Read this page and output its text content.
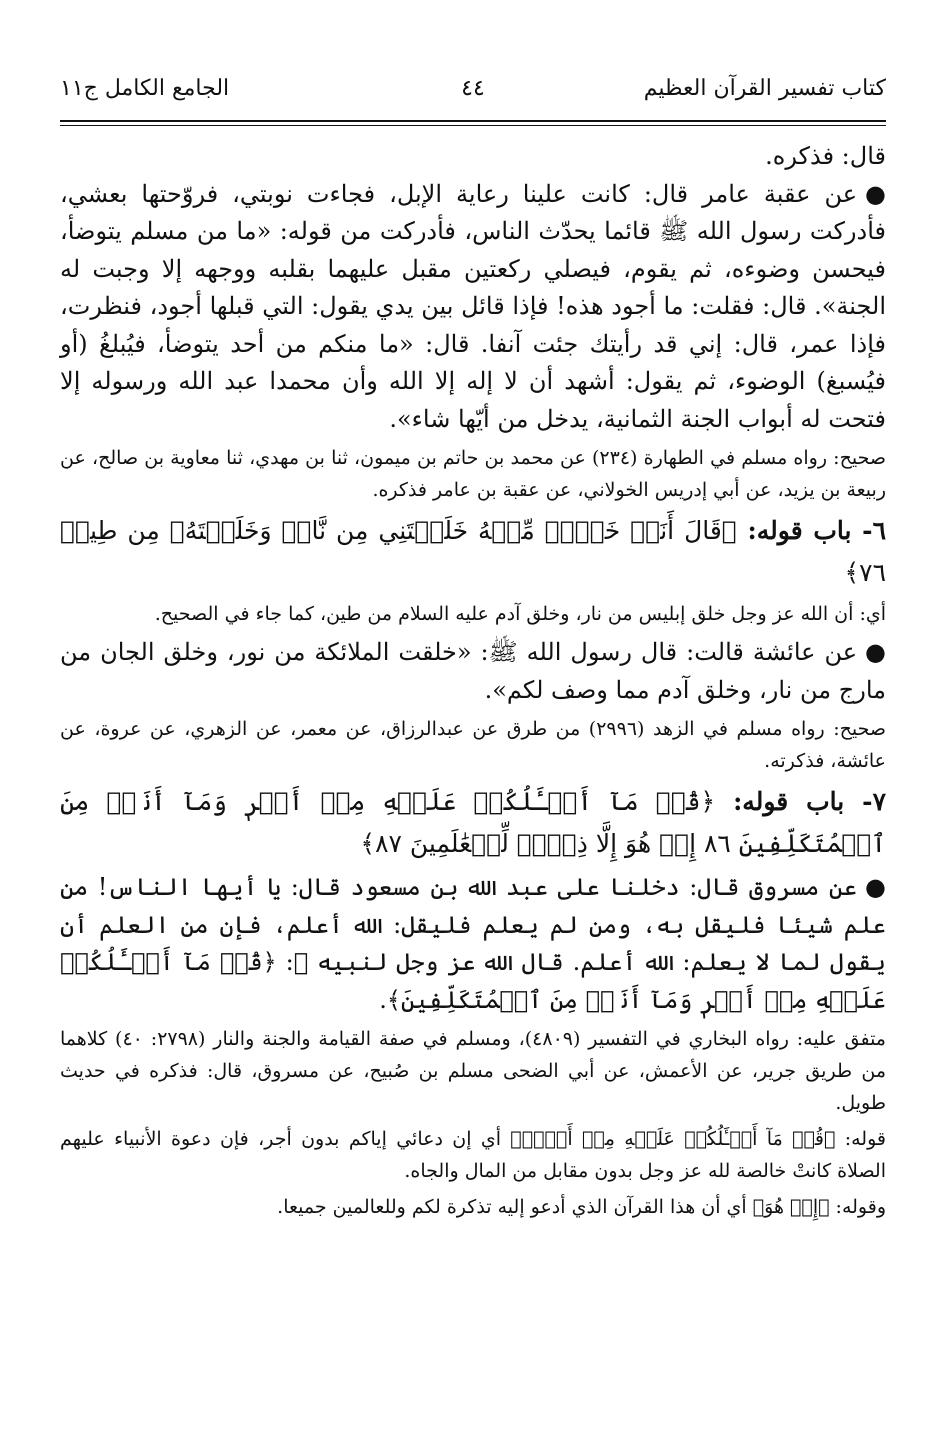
كتاب تفسير القرآن العظيم
٤٤
الجامع الكامل ج١١

قال: فذكره.

●عن عقبة عامر قال: كانت علينا رعاية الإبل، فجاءت نوبتي، فروّحتها بعشي، فأدركت رسول الله ﷺ قائما يحدّث الناس، فأدركت من قوله: «ما من مسلم يتوضأ، فيحسن وضوءه، ثم يقوم، فيصلي ركعتين مقبل عليهما بقلبه ووجهه إلا وجبت له الجنة». قال: فقلت: ما أجود هذه! فإذا قائل بين يدي يقول: التي قبلها أجود، فنظرت، فإذا عمر، قال: إني قد رأيتك جئت آنفا. قال: «ما منكم من أحد يتوضأ، فيُبلغُ (أو فيُسبغ) الوضوء، ثم يقول: أشهد أن لا إله إلا الله وأن محمدا عبد الله ورسوله إلا فتحت له أبواب الجنة الثمانية، يدخل من أيّها شاء».

صحيح: رواه مسلم في الطهارة (٢٣٤) عن محمد بن حاتم بن ميمون، ثنا بن مهدي، ثنا معاوية بن صالح، عن ربيعة بن يزيد، عن أبي إدريس الخولاني، عن عقبة بن عامر فذكره.

٦- باب قوله: ﴿قَالَ أَنَا۠ خَيۡرٞ مِّنۡهُ خَلَقۡتَنِي مِن نَّارٖ وَخَلَقۡتَهُۥ مِن طِينٖ ٧٦﴾

أي: أن الله عز وجل خلق إبليس من نار، وخلق آدم عليه السلام من طين، كما جاء في الصحيح.

●عن عائشة قالت: قال رسول الله ﷺ: «خلقت الملائكة من نور، وخلق الجان من مارج من نار، وخلق آدم مما وصف لكم».

صحيح: رواه مسلم في الزهد (٢٩٩٦) من طرق عن عبدالرزاق، عن معمر، عن الزهري، عن عروة، عن عائشة، فذكرته.

٧- باب قوله: ﴿قُلۡ مَآ أَسۡـَٔلُكُمۡ عَلَيۡهِ مِنۡ أَجۡرٖ وَمَآ أَنَا۠ مِنَ ٱلۡمُتَكَلِّفِينَ ٨٦ إِنۡ هُوَ إِلَّا ذِكۡرٞ لِّلۡعَٰلَمِينَ ٨٧﴾

●عن مسروق قال: دخلنا على عبد الله بن مسعود قال: يا أيها الناس! من علم شيئا فليقل به، ومن لم يعلم فليقل: الله أعلم، فإن من العلم أن يقول لما لا يعلم: الله أعلم. قال الله عز وجل لنبيه ﷺ: ﴿قُلۡ مَآ أَسۡـَٔلُكُمۡ عَلَيۡهِ مِنۡ أَجۡرٖ وَمَآ أَنَا۠ مِنَ ٱلۡمُتَكَلِّفِينَ﴾.

متفق عليه: رواه البخاري في التفسير (٤٨٠٩)، ومسلم في صفة القيامة والجنة والنار (٢٧٩٨: ٤٠) كلاهما من طريق جرير، عن الأعمش، عن أبي الضحى مسلم بن صُبيح، عن مسروق، قال: فذكره في حديث طويل.

قوله: ﴿قُلۡ مَآ أَسۡـَٔلُكُمۡ عَلَيۡهِ مِنۡ أَجۡرٖ﴾ أي إن دعائي إياكم بدون أجر، فإن دعوة الأنبياء عليهم الصلاة كانتْ خالصة لله عز وجل بدون مقابل من المال والجاه.

وقوله: ﴿إِنۡ هُوَ﴾ أي أن هذا القرآن الذي أدعو إليه تذكرة لكم وللعالمين جميعا.
